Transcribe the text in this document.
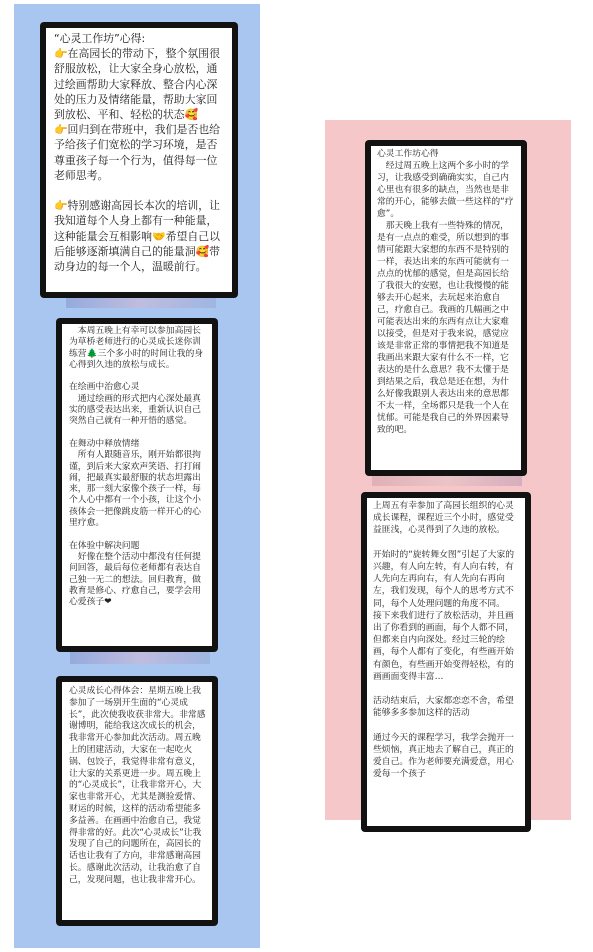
“心灵工作坊”心得:
👉在高园长的带动下，整个氛围很舒服放松，让大家全身心放松，通过绘画帮助大家释放、整合内心深处的压力及情绪能量，帮助大家回到放松、平和、轻松的状态🥰
👉回归到在带班中，我们是否也给予给孩子们宽松的学习环境，是否尊重孩子每一个行为，值得每一位老师思考。

👉特别感谢高园长本次的培训，让我知道每个人身上都有一种能量，这种能量会互相影响🤝希望自己以后能够逐渐填满自己的能量洞🥰带动身边的每一个人，温暖前行。
　本周五晚上有幸可以参加高园长为草桥老师进行的心灵成长迷你训练营🌲三个多小时的时间让我的身心得到久违的放松与成长。

在绘画中治愈心灵
　通过绘画的形式把内心深处最真实的感受表达出来，重新认识自己突然自己就有一种开悟的感觉。

在舞动中释放情绪
　所有人跟随音乐，刚开始都很拘谨，到后来大家欢声笑语、打打闹闹，把最真实最舒服的状态坦露出来，那一刻大家像个孩子一样，每个人心中都有一个小孩，让这个小孩体会一把像跳皮筋一样开心的心里疗愈。

在体验中解决问题
　好像在整个活动中都没有任何提问回答，最后每位老师都有表达自己独一无二的想法。回归教育，做教育是修心、疗愈自己，要学会用心爱孩子❤
心灵成长心得体会：星期五晚上我参加了一场别开生面的“心灵成长”，此次使我收获非常大。非常感谢博明，能给我这次成长的机会，我非常开心参加此次活动。周五晚上的团建活动，大家在一起吃火锅、包饺子，我觉得非常有意义，让大家的关系更进一步。周五晚上的“心灵成长”，让我非常开心，大家也非常开心，尤其是测验爱情、财运的时候，这样的活动希望能多多益善。在画画中治愈自己，我觉得非常的好。此次“心灵成长”让我发现了自己的问题所在，高园长的话也让我有了方向，非常感谢高园长。感谢此次活动，让我治愈了自己，发现问题，也让我非常开心。
心灵工作坊心得
　经过周五晚上这两个多小时的学习，让我感受到确确实实，自己内心里也有很多的缺点，当然也是非常的开心，能够去做一些这样的“疗愈”。
　那天晚上我有一些特殊的情况，是有一点点的难受，所以想到的事情可能跟大家想的东西不是特别的一样，表达出来的东西可能就有一点点的忧郁的感觉，但是高园长给了我很大的安慰，也让我慢慢的能够去开心起来，去玩起来治愈自己，疗愈自己。我画的几幅画之中可能表达出来的东西有点让大家难以接受，但是对于我来说，感觉应该是非常正常的事情把我不知道是我画出来跟大家有什么不一样，它表达的是什么意思？我不太懂于是到结果之后，我总是还在想，为什么好像我跟别人表达出来的意思都不太一样，全场都只是我一个人在忧郁。可能是我自己的外界因素导致的吧。
上周五有幸参加了高园长组织的心灵成长课程，课程近三个小时，感觉受益匪浅，心灵得到了久违的放松。

开始时的“旋转舞女图”引起了大家的兴趣，有人向左转，有人向右转，有人先向左再向右，有人先向右再向左，我们发现，每个人的思考方式不同，每个人处理问题的角度不同。
接下来我们进行了放松活动，并且画出了你看到的画面，每个人都不同，但都来自内向深处。经过三轮的绘画，每个人都有了变化，有些画开始有颜色，有些画开始变得轻松，有的画画面变得丰富…

活动结束后，大家都恋恋不舍，希望能够多多参加这样的活动

通过今天的课程学习，我学会抛开一些烦恼，真正地去了解自己，真正的爱自己。作为老师要充满爱意，用心爱每一个孩子
